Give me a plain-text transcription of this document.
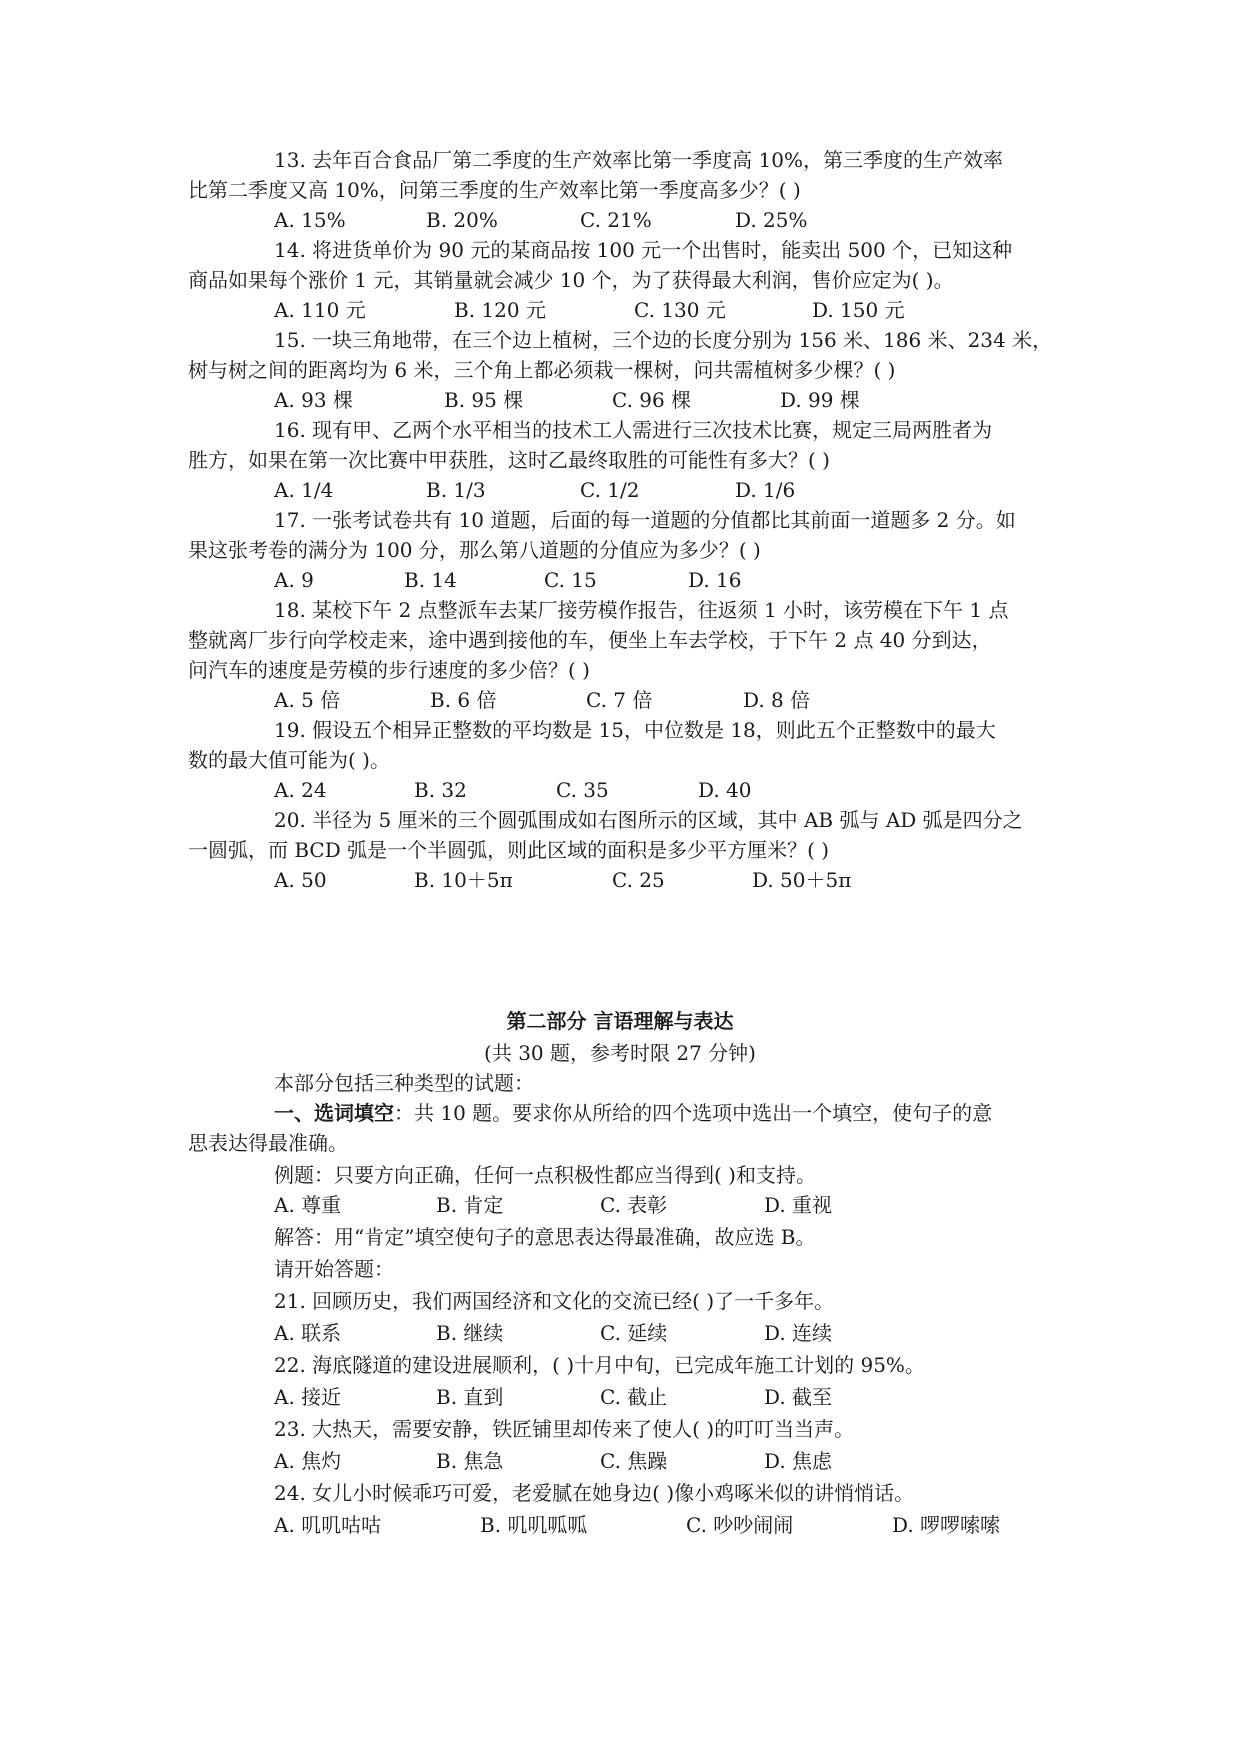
13. 去年百合食品厂第二季度的生产效率比第一季度高 10%，第三季度的生产效率
比第二季度又高 10%，问第三季度的生产效率比第一季度高多少？( )
A. 15%	B. 20%	C. 21%	D. 25%
14. 将进货单价为 90 元的某商品按 100 元一个出售时，能卖出 500 个，已知这种
商品如果每个涨价 1 元，其销量就会减少 10 个，为了获得最大利润，售价应定为( )。
A. 110 元	B. 120 元	C. 130 元	D. 150 元
15. 一块三角地带，在三个边上植树，三个边的长度分别为 156 米、186 米、234 米，
树与树之间的距离均为 6 米，三个角上都必须栽一棵树，问共需植树多少棵？( )
A. 93 棵	B. 95 棵	C. 96 棵	D. 99 棵
16. 现有甲、乙两个水平相当的技术工人需进行三次技术比赛，规定三局两胜者为
胜方，如果在第一次比赛中甲获胜，这时乙最终取胜的可能性有多大？( )
A. 1/4	B. 1/3	C. 1/2	D. 1/6
17. 一张考试卷共有 10 道题，后面的每一道题的分值都比其前面一道题多 2 分。如
果这张考卷的满分为 100 分，那么第八道题的分值应为多少？( )
A. 9	B. 14	C. 15	D. 16
18. 某校下午 2 点整派车去某厂接劳模作报告，往返须 1 小时，该劳模在下午 1 点
整就离厂步行向学校走来，途中遇到接他的车，便坐上车去学校，于下午 2 点 40 分到达，
问汽车的速度是劳模的步行速度的多少倍？( )
A. 5 倍	B. 6 倍	C. 7 倍	D. 8 倍
19. 假设五个相异正整数的平均数是 15，中位数是 18，则此五个正整数中的最大
数的最大值可能为( )。
A. 24	B. 32	C. 35	D. 40
20. 半径为 5 厘米的三个圆弧围成如右图所示的区域，其中 AB 弧与 AD 弧是四分之
一圆弧，而 BCD 弧是一个半圆弧，则此区域的面积是多少平方厘米？( )
A. 50	B. 10＋5π	C. 25	D. 50＋5π
第二部分 言语理解与表达
(共 30 题，参考时限 27 分钟)
本部分包括三种类型的试题：
一、选词填空：共 10 题。要求你从所给的四个选项中选出一个填空，使句子的意
思表达得最准确。
例题：只要方向正确，任何一点积极性都应当得到( )和支持。
A. 尊重	B. 肯定	C. 表彰	D. 重视
解答：用“肯定”填空使句子的意思表达得最准确，故应选 B。
请开始答题：
21. 回顾历史，我们两国经济和文化的交流已经( )了一千多年。
A. 联系	B. 继续	C. 延续	D. 连续
22. 海底隧道的建设进展顺利，( )十月中旬，已完成年施工计划的 95%。
A. 接近	B. 直到	C. 截止	D. 截至
23. 大热天，需要安静，铁匠铺里却传来了使人( )的叮叮当当声。
A. 焦灼	B. 焦急	C. 焦躁	D. 焦虑
24. 女儿小时候乖巧可爱，老爱腻在她身边( )像小鸡啄米似的讲悄悄话。
A. 叽叽咕咕	B. 叽叽呱呱	C. 吵吵闹闹	D. 啰啰嗦嗦
